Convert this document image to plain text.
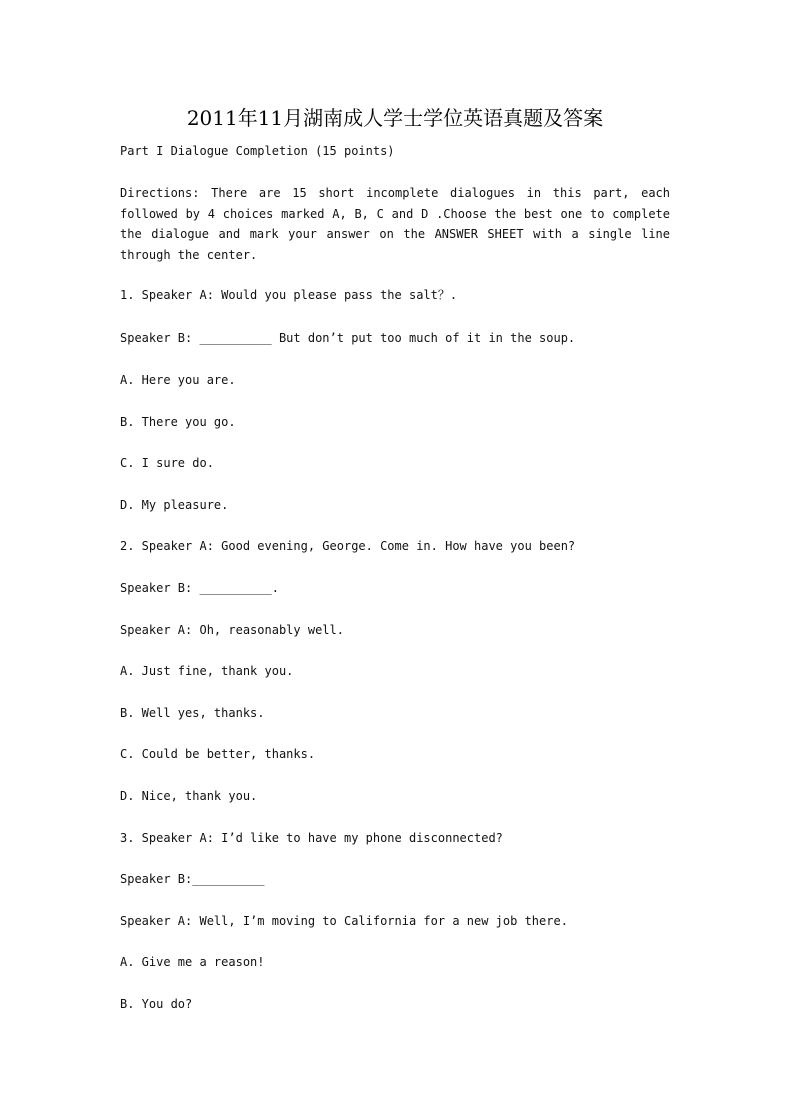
2011年11月湖南成人学士学位英语真题及答案
Part I Dialogue Completion (15 points)
Directions: There are 15 short incomplete dialogues in this part, each
followed by 4 choices marked A, B, C and D .Choose the best one to complete
the dialogue and mark your answer on the ANSWER SHEET with a single line
through the center.
1. Speaker A: Would you please pass the salt？.
Speaker B: __________ But don’t put too much of it in the soup.
A. Here you are.
B. There you go.
C. I sure do.
D. My pleasure.
2. Speaker A: Good evening, George. Come in. How have you been?
Speaker B: __________.
Speaker A: Oh, reasonably well.
A. Just fine, thank you.
B. Well yes, thanks.
C. Could be better, thanks.
D. Nice, thank you.
3. Speaker A: I’d like to have my phone disconnected?
Speaker B:__________
Speaker A: Well, I’m moving to California for a new job there.
A. Give me a reason!
B. You do?
